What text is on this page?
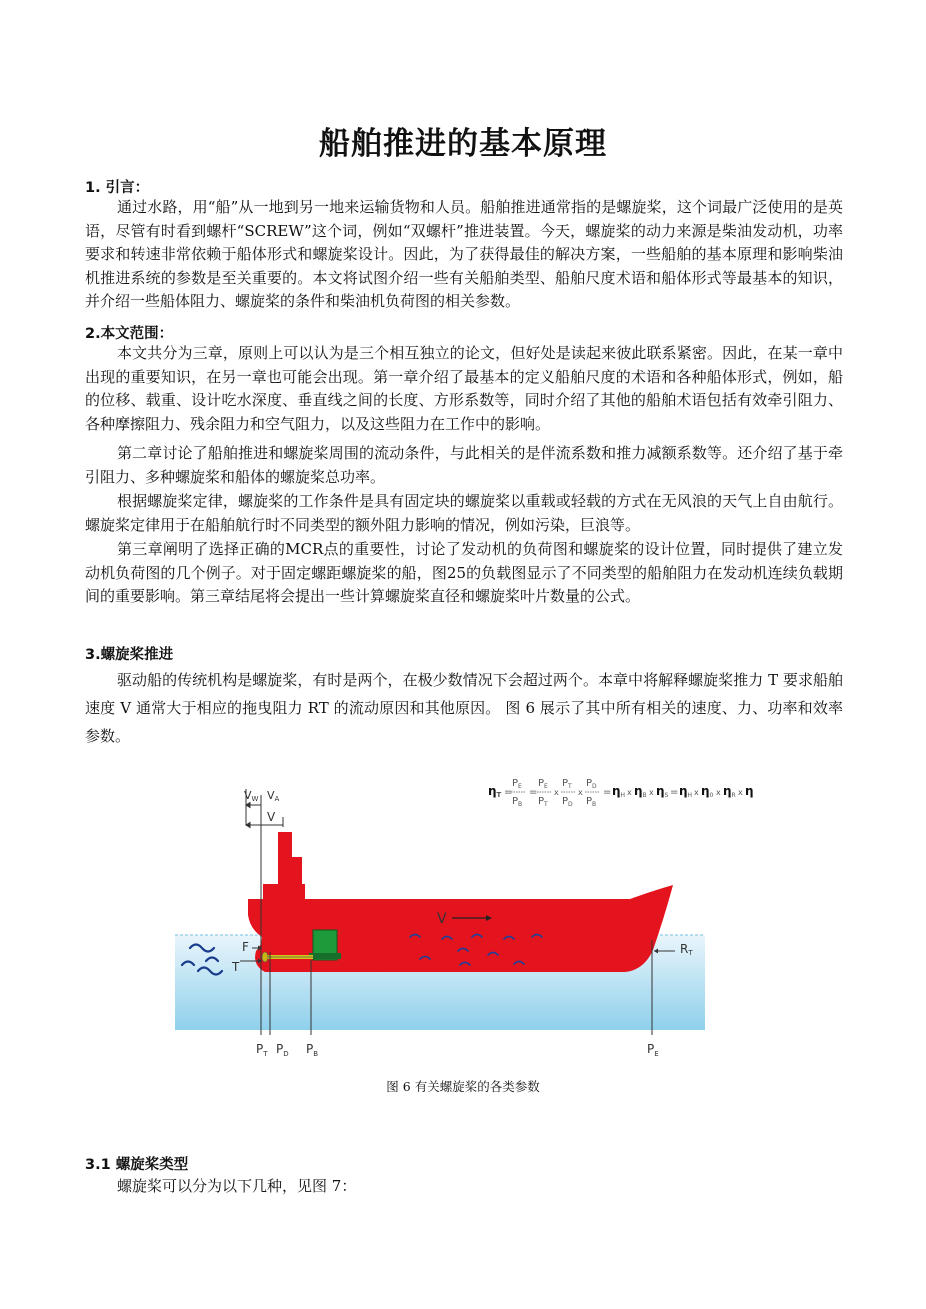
船舶推进的基本原理
1. 引言：

通过水路，用“船”从一地到另一地来运输货物和人员。船舶推进通常指的是螺旋桨，这个词最广泛使用的是英语，尽管有时看到螺杆“SCREW”这个词，例如“双螺杆”推进装置。今天，螺旋桨的动力来源是柴油发动机，功率要求和转速非常依赖于船体形式和螺旋桨设计。因此，为了获得最佳的解决方案，一些船舶的基本原理和影响柴油机推进系统的参数是至关重要的。本文将试图介绍一些有关船舶类型、船舶尺度术语和船体形式等最基本的知识，并介绍一些船体阻力、螺旋桨的条件和柴油机负荷图的相关参数。

2.本文范围：

本文共分为三章，原则上可以认为是三个相互独立的论文，但好处是读起来彼此联系紧密。因此，在某一章中出现的重要知识，在另一章也可能会出现。第一章介绍了最基本的定义船舶尺度的术语和各种船体形式，例如，船的位移、载重、设计吃水深度、垂直线之间的长度、方形系数等，同时介绍了其他的船舶术语包括有效牵引阻力、各种摩擦阻力、残余阻力和空气阻力，以及这些阻力在工作中的影响。

第二章讨论了船舶推进和螺旋桨周围的流动条件，与此相关的是伴流系数和推力减额系数等。还介绍了基于牵引阻力、多种螺旋桨和船体的螺旋桨总功率。

根据螺旋桨定律，螺旋桨的工作条件是具有固定块的螺旋桨以重载或轻载的方式在无风浪的天气上自由航行。螺旋桨定律用于在船舶航行时不同类型的额外阻力影响的情况，例如污染，巨浪等。

第三章阐明了选择正确的MCR点的重要性，讨论了发动机的负荷图和螺旋桨的设计位置，同时提供了建立发动机负荷图的几个例子。对于固定螺距螺旋桨的船，图25的负载图显示了不同类型的船舶阻力在发动机连续负载期间的重要影响。第三章结尾将会提出一些计算螺旋桨直径和螺旋桨叶片数量的公式。

3.螺旋桨推进

驱动船的传统机构是螺旋桨，有时是两个，在极少数情况下会超过两个。本章中将解释螺旋桨推力 T 要求船舶速度 V 通常大于相应的拖曳阻力 RT 的流动原因和其他原因。 图 6 展示了其中所有相关的速度、力、功率和效率参数。

VW VA
V
V
F
T
RT
$P_T$ $P_D$ $P_B$	$P_E$
ηT =
$P_E$
$P_B$
=
$P_E$
$P_T$
x
$P_T$
$P_D$
x
$P_D$
$P_B$
= ηH x ηB x ηS = ηH x η0 x ηR x η
图 6 有关螺旋桨的各类参数
3.1 螺旋桨类型

螺旋桨可以分为以下几种，见图 7：
